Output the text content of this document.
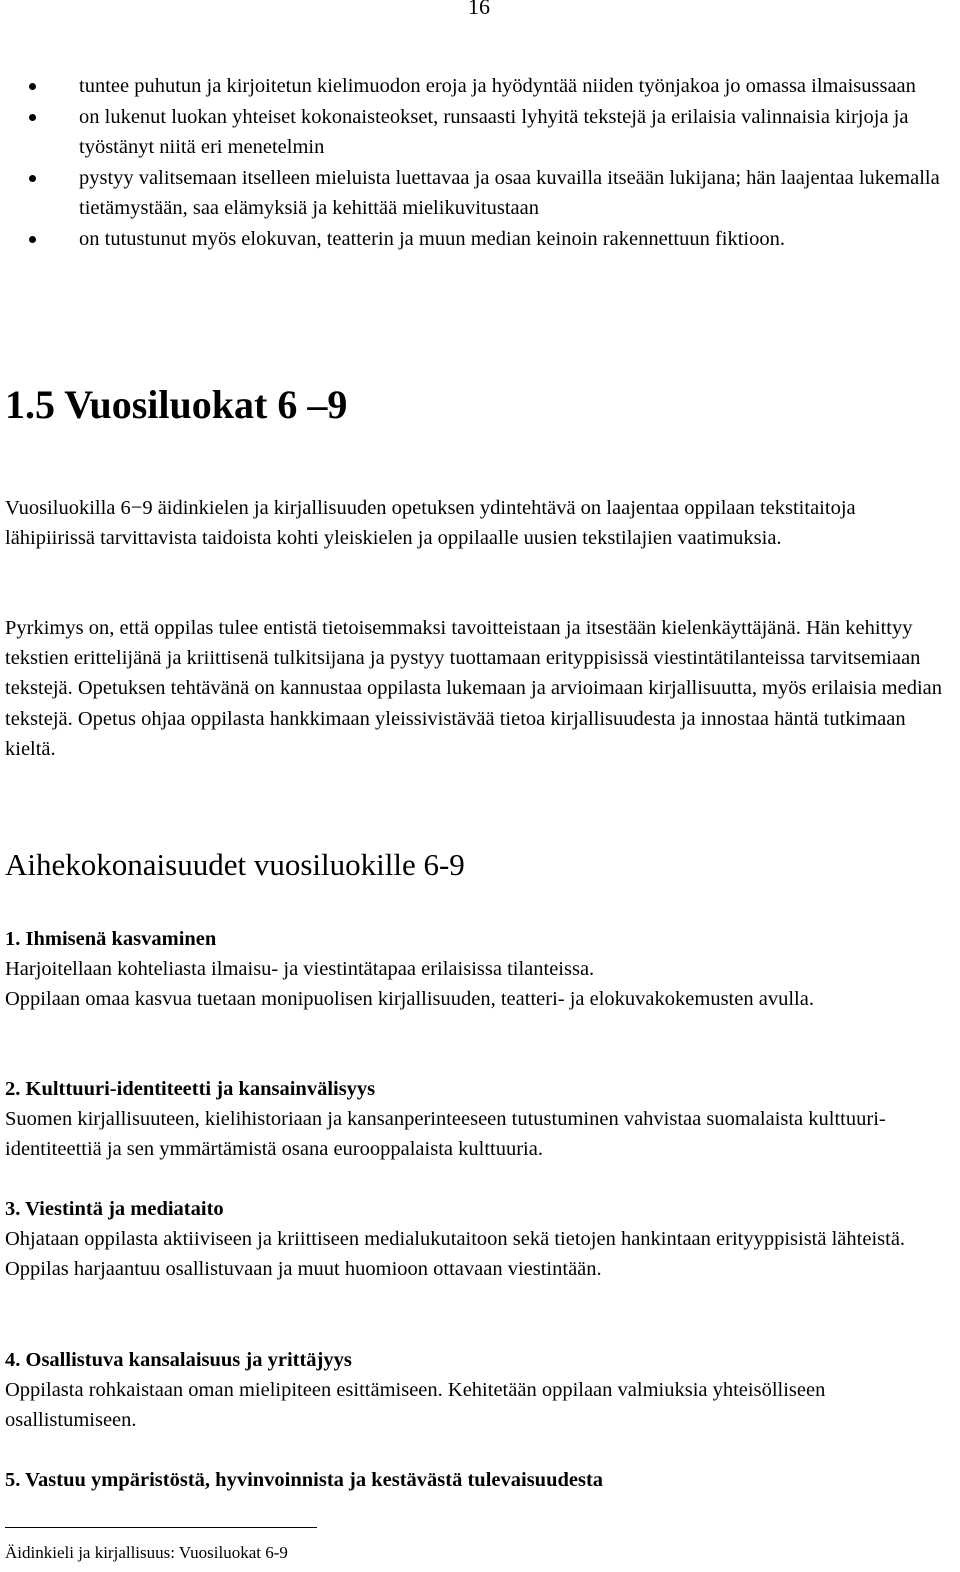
16
tuntee puhutun ja kirjoitetun kielimuodon eroja ja hyödyntää niiden työnjakoa jo omassa ilmaisussaan
on lukenut luokan yhteiset kokonaisteokset, runsaasti lyhyitä tekstejä ja erilaisia valinnaisia kirjoja ja työstänyt niitä eri menetelmin
pystyy valitsemaan itselleen mieluista luettavaa ja osaa kuvailla itseään lukijana; hän laajentaa lukemalla tietämystään, saa elämyksiä ja kehittää mielikuvitustaan
on tutustunut myös elokuvan, teatterin ja muun median keinoin rakennettuun fiktioon.
1.5 Vuosiluokat 6 –9

Vuosiluokilla 6−9 äidinkielen ja kirjallisuuden opetuksen ydintehtävä on laajentaa oppilaan tekstitaitoja lähipiirissä tarvittavista taidoista kohti yleiskielen ja oppilaalle uusien tekstilajien vaatimuksia.

Pyrkimys on, että oppilas tulee entistä tietoisemmaksi tavoitteistaan ja itsestään kielenkäyttäjänä. Hän kehittyy tekstien erittelijänä ja kriittisenä tulkitsijana ja pystyy tuottamaan erityppisissä viestintätilanteissa tarvitsemiaan tekstejä. Opetuksen tehtävänä on kannustaa oppilasta lukemaan ja arvioimaan kirjallisuutta, myös erilaisia median tekstejä. Opetus ohjaa oppilasta hankkimaan yleissivistävää tietoa kirjallisuudesta ja innostaa häntä tutkimaan kieltä.

Aihekokonaisuudet vuosiluokille 6-9

1. Ihmisenä kasvaminen

Harjoitellaan kohteliasta ilmaisu- ja viestintätapaa erilaisissa tilanteissa.

Oppilaan omaa kasvua tuetaan monipuolisen kirjallisuuden, teatteri- ja elokuvakokemusten avulla.

2. Kulttuuri-identiteetti ja kansainvälisyys

Suomen kirjallisuuteen, kielihistoriaan ja kansanperinteeseen tutustuminen vahvistaa suomalaista kulttuuri-identiteettiä ja sen ymmärtämistä osana eurooppalaista kulttuuria.

3. Viestintä ja mediataito

Ohjataan oppilasta aktiiviseen ja kriittiseen medialukutaitoon sekä tietojen hankintaan erityyppisistä lähteistä. Oppilas harjaantuu osallistuvaan ja muut huomioon ottavaan viestintään.

4. Osallistuva kansalaisuus ja yrittäjyys

Oppilasta rohkaistaan oman mielipiteen esittämiseen. Kehitetään oppilaan valmiuksia yhteisölliseen osallistumiseen.

5. Vastuu ympäristöstä, hyvinvoinnista ja kestävästä tulevaisuudesta

Äidinkieli ja kirjallisuus: Vuosiluokat 6-9
